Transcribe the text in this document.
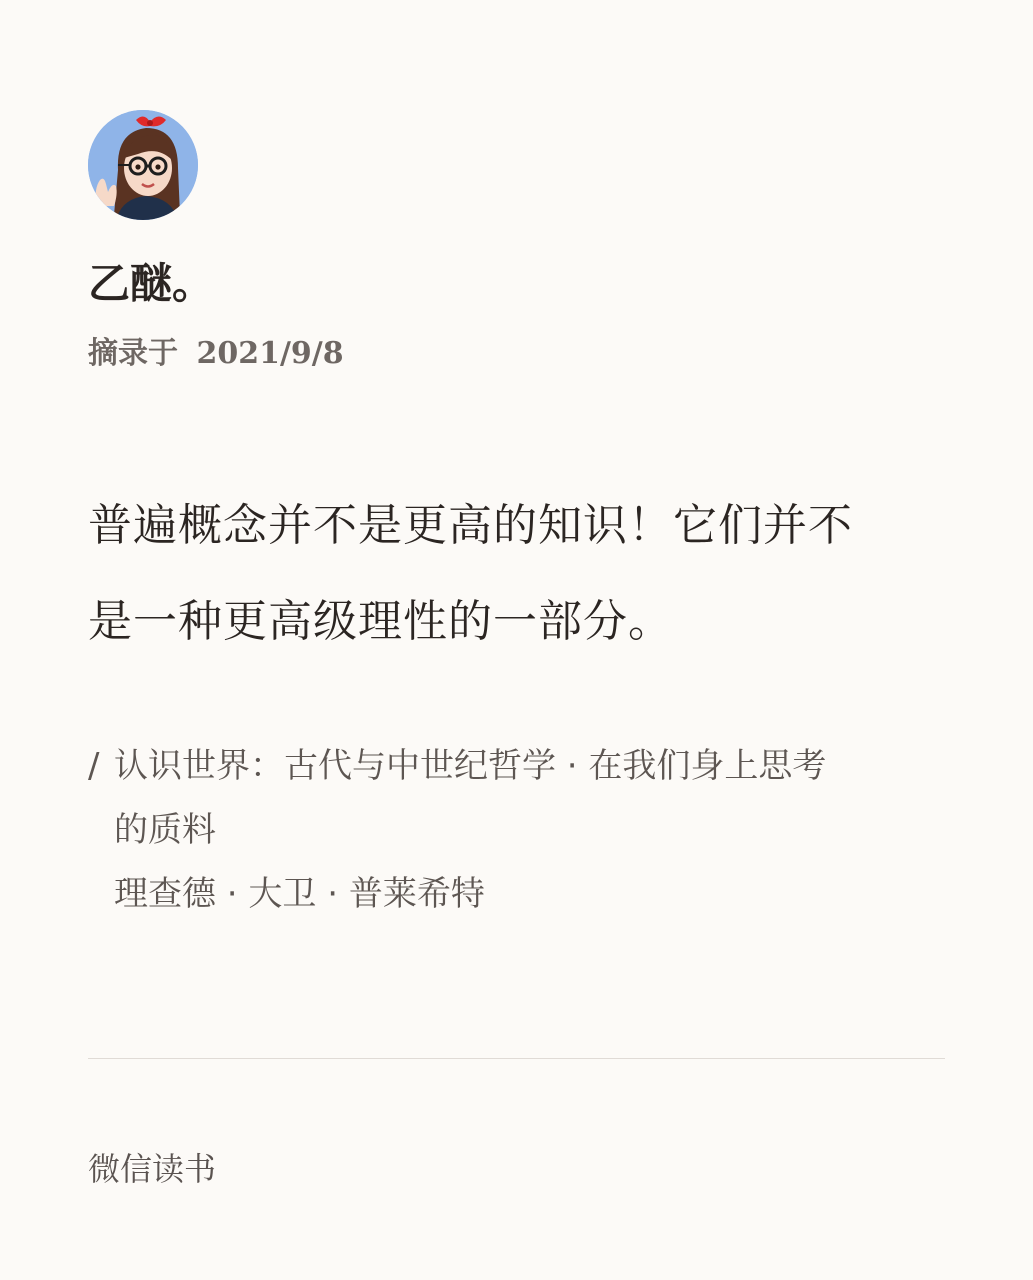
乙醚。
摘录于 2021/9/8
普遍概念并不是更高的知识！它们并不
是一种更高级理性的一部分。
/ 认识世界：古代与中世纪哲学 · 在我们身上思考
的质料
理查德 · 大卫 · 普莱希特
微信读书
